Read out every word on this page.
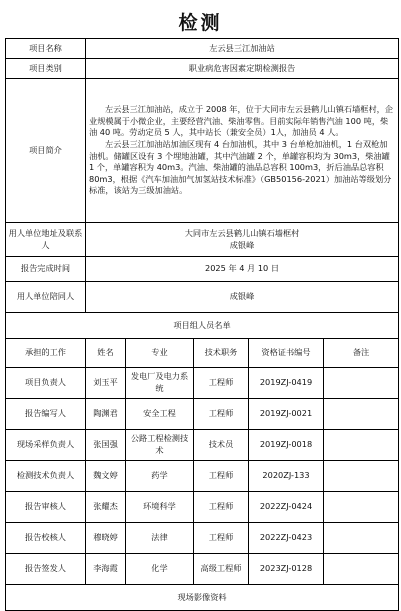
检测
项目名称	左云县三江加油站				
项目类别	职业病危害因素定期检测报告				
项目简介	左云县三江加油站，成立于 2008 年，位于大同市左云县鹤儿山镇石墙框村，企业规模属于小微企业，主要经营汽油、柴油零售。目前实际年销售汽油 100 吨，柴油 40 吨。劳动定员 5 人，其中站长（兼安全员）1人，加油员 4 人。

左云县三江加油站加油区现有 4 台加油机，其中 3 台单枪加油机，1 台双枪加油机。储罐区设有 3 个埋地油罐，其中汽油罐 2 个，单罐容积均为 30m3，柴油罐 1 个，单罐容积为 40m3。汽油、柴油罐的油品总容积 100m3，折后油品总容积 80m3，根据《汽车加油加气加氢站技术标准》（GB50156-2021）加油站等级划分标准，该站为三级加油站。				

用人单位地址及联系人	大同市左云县鹤儿山镇石墙框村
成银峰				
报告完成时间	2025 年 4 月 10 日				
用人单位陪同人	成银峰				
项目组人员名单					
承担的工作	姓名	专业	技术职务	资格证书编号	备注
项目负责人	刘玉平	发电厂及电力系统	工程师	2019ZJ-0419	
报告编写人	陶渊君	安全工程	工程师	2019ZJ-0021	
现场采样负责人	张国强	公路工程检测技术	技术员	2019ZJ-0018	
检测技术负责人	魏文婷	药学	工程师	2020ZJ-133	
报告审核人	张耀杰	环境科学	工程师	2022ZJ-0424	
报告校核人	穆晓婷	法律	工程师	2022ZJ-0423	
报告签发人	李海霞	化学	高级工程师	2023ZJ-0128	
现场影像资料					
